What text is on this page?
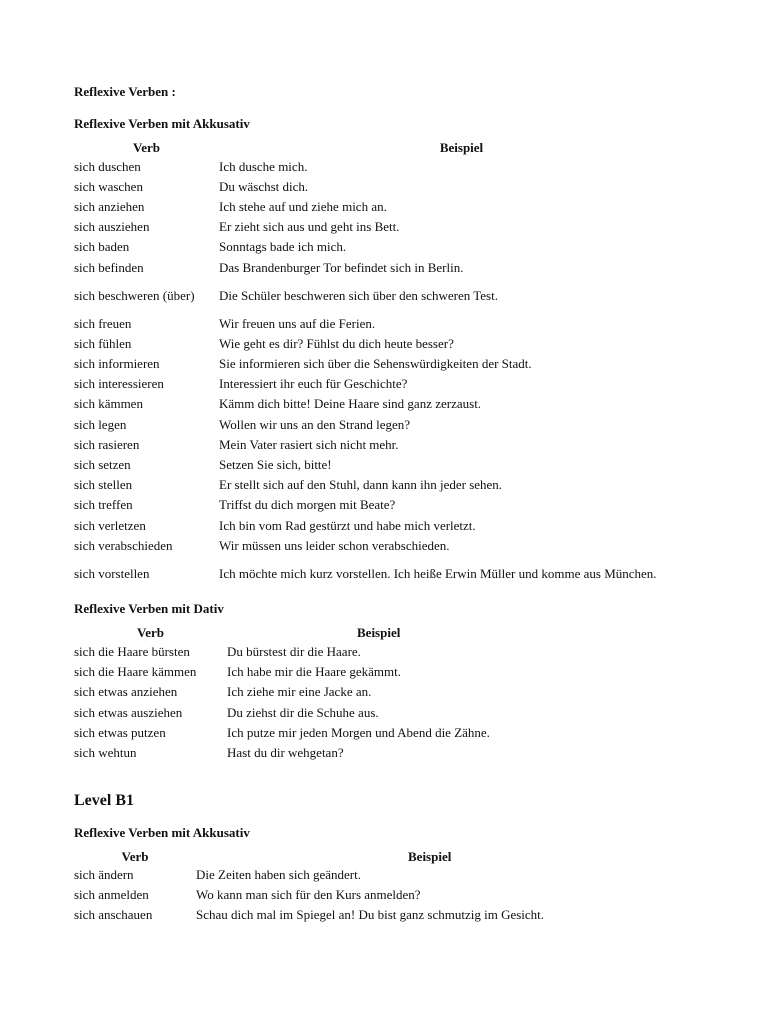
Reflexive Verben :
Reflexive Verben mit Akkusativ
Verb	Beispiel
sich duschen	Ich dusche mich.
sich waschen	Du wäschst dich.
sich anziehen	Ich stehe auf und ziehe mich an.
sich ausziehen	Er zieht sich aus und geht ins Bett.
sich baden	Sonntags bade ich mich.
sich befinden	Das Brandenburger Tor befindet sich in Berlin.
sich beschweren (über)	Die Schüler beschweren sich über den schweren Test.
sich freuen	Wir freuen uns auf die Ferien.
sich fühlen	Wie geht es dir? Fühlst du dich heute besser?
sich informieren	Sie informieren sich über die Sehenswürdigkeiten der Stadt.
sich interessieren	Interessiert ihr euch für Geschichte?
sich kämmen	Kämm dich bitte! Deine Haare sind ganz zerzaust.
sich legen	Wollen wir uns an den Strand legen?
sich rasieren	Mein Vater rasiert sich nicht mehr.
sich setzen	Setzen Sie sich, bitte!
sich stellen	Er stellt sich auf den Stuhl, dann kann ihn jeder sehen.
sich treffen	Triffst du dich morgen mit Beate?
sich verletzen	Ich bin vom Rad gestürzt und habe mich verletzt.
sich verabschieden	Wir müssen uns leider schon verabschieden.
sich vorstellen	Ich möchte mich kurz vorstellen. Ich heiße Erwin Müller und komme aus München.
Reflexive Verben mit Dativ
Verb	Beispiel
sich die Haare bürsten	Du bürstest dir die Haare.
sich die Haare kämmen	Ich habe mir die Haare gekämmt.
sich etwas anziehen	Ich ziehe mir eine Jacke an.
sich etwas ausziehen	Du ziehst dir die Schuhe aus.
sich etwas putzen	Ich putze mir jeden Morgen und Abend die Zähne.
sich wehtun	Hast du dir wehgetan?
Level B1
Reflexive Verben mit Akkusativ
Verb	Beispiel
sich ändern	Die Zeiten haben sich geändert.
sich anmelden	Wo kann man sich für den Kurs anmelden?
sich anschauen	Schau dich mal im Spiegel an! Du bist ganz schmutzig im Gesicht.
